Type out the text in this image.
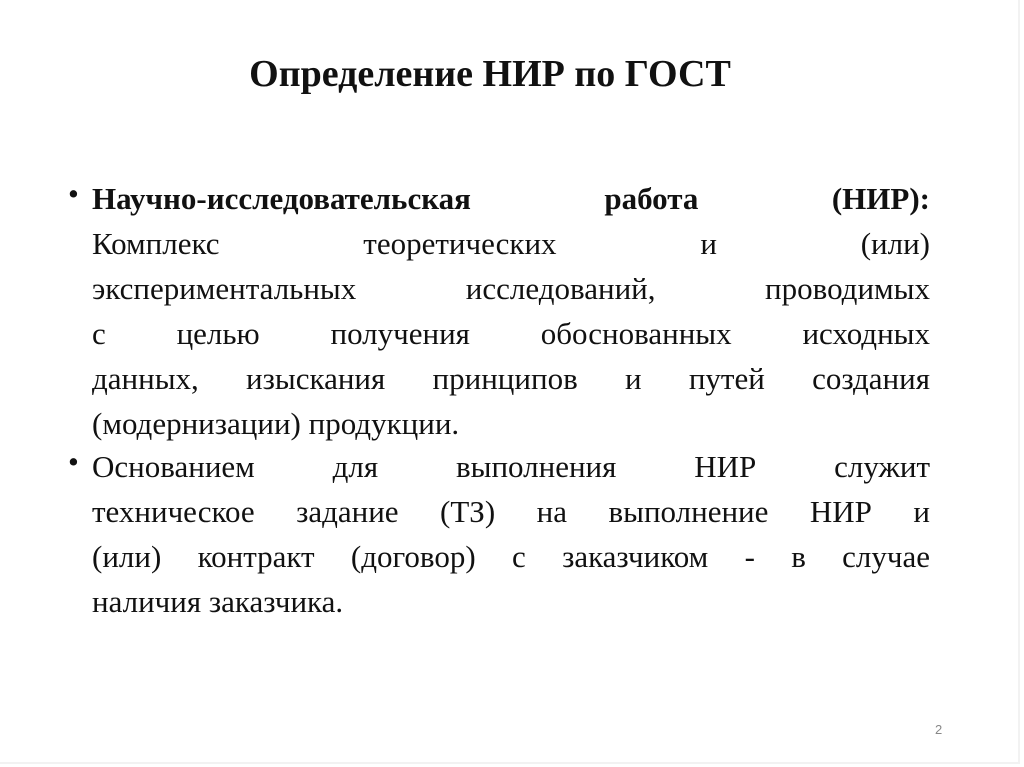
Определение НИР по ГОСТ
• Научно-исследовательская работа (НИР):
Комплекс теоретических и (или)
экспериментальных исследований, проводимых
с целью получения обоснованных исходных
данных, изыскания принципов и путей создания
(модернизации) продукции.
• Основанием для выполнения НИР служит
техническое задание (ТЗ) на выполнение НИР и
(или) контракт (договор) с заказчиком - в случае
наличия заказчика.
2
